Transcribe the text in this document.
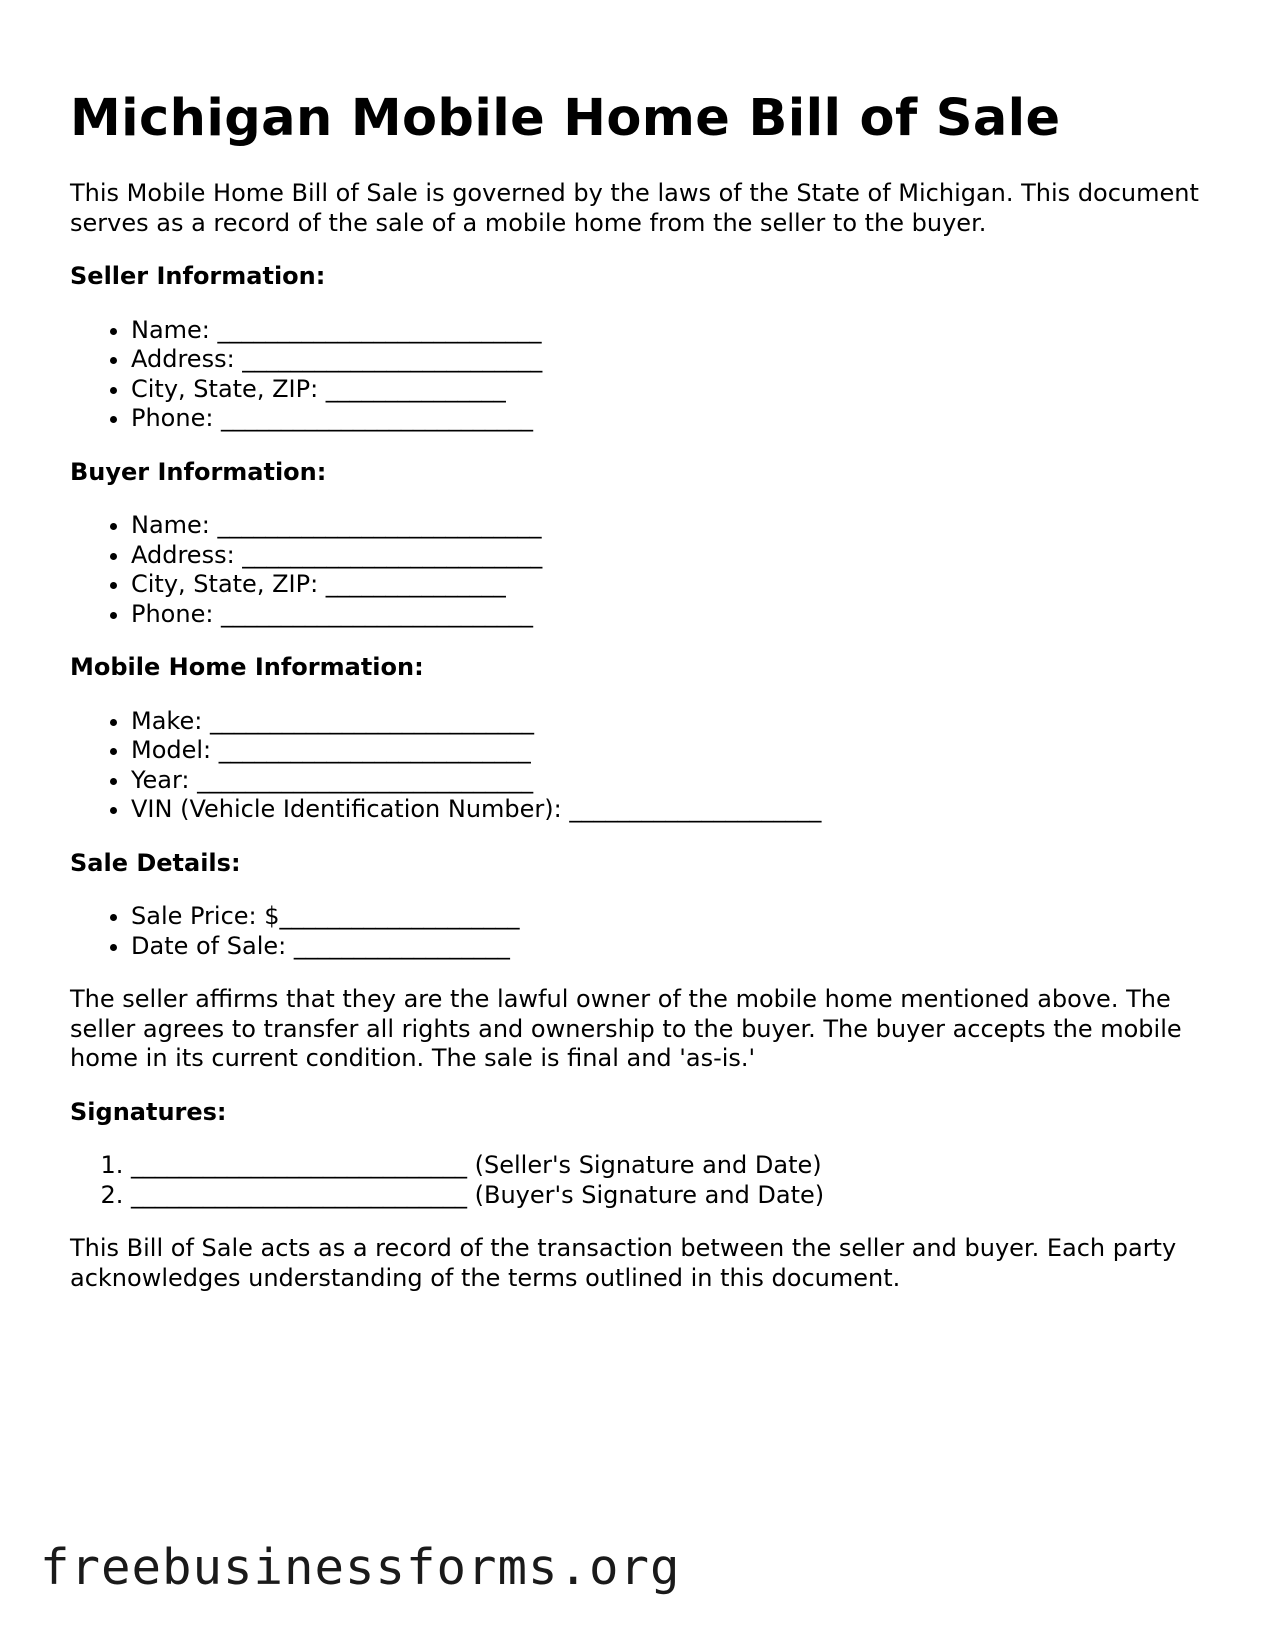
Michigan Mobile Home Bill of Sale

This Mobile Home Bill of Sale is governed by the laws of the State of Michigan. This document serves as a record of the sale of a mobile home from the seller to the buyer.

Seller Information:
• Name: ___________________________
• Address: _________________________
• City, State, ZIP: _______________
• Phone: __________________________
Buyer Information:
• Name: ___________________________
• Address: _________________________
• City, State, ZIP: _______________
• Phone: __________________________
Mobile Home Information:
• Make: ___________________________
• Model: __________________________
• Year: ____________________________
• VIN (Vehicle Identification Number): _____________________
Sale Details:
• Sale Price: $____________________
• Date of Sale: __________________

The seller affirms that they are the lawful owner of the mobile home mentioned above. The seller agrees to transfer all rights and ownership to the buyer. The buyer accepts the mobile home in its current condition. The sale is final and 'as-is.'

Signatures:
1. ____________________________ (Seller's Signature and Date)
2. ____________________________ (Buyer's Signature and Date)

This Bill of Sale acts as a record of the transaction between the seller and buyer. Each party acknowledges understanding of the terms outlined in this document.

freebusinessforms.org
